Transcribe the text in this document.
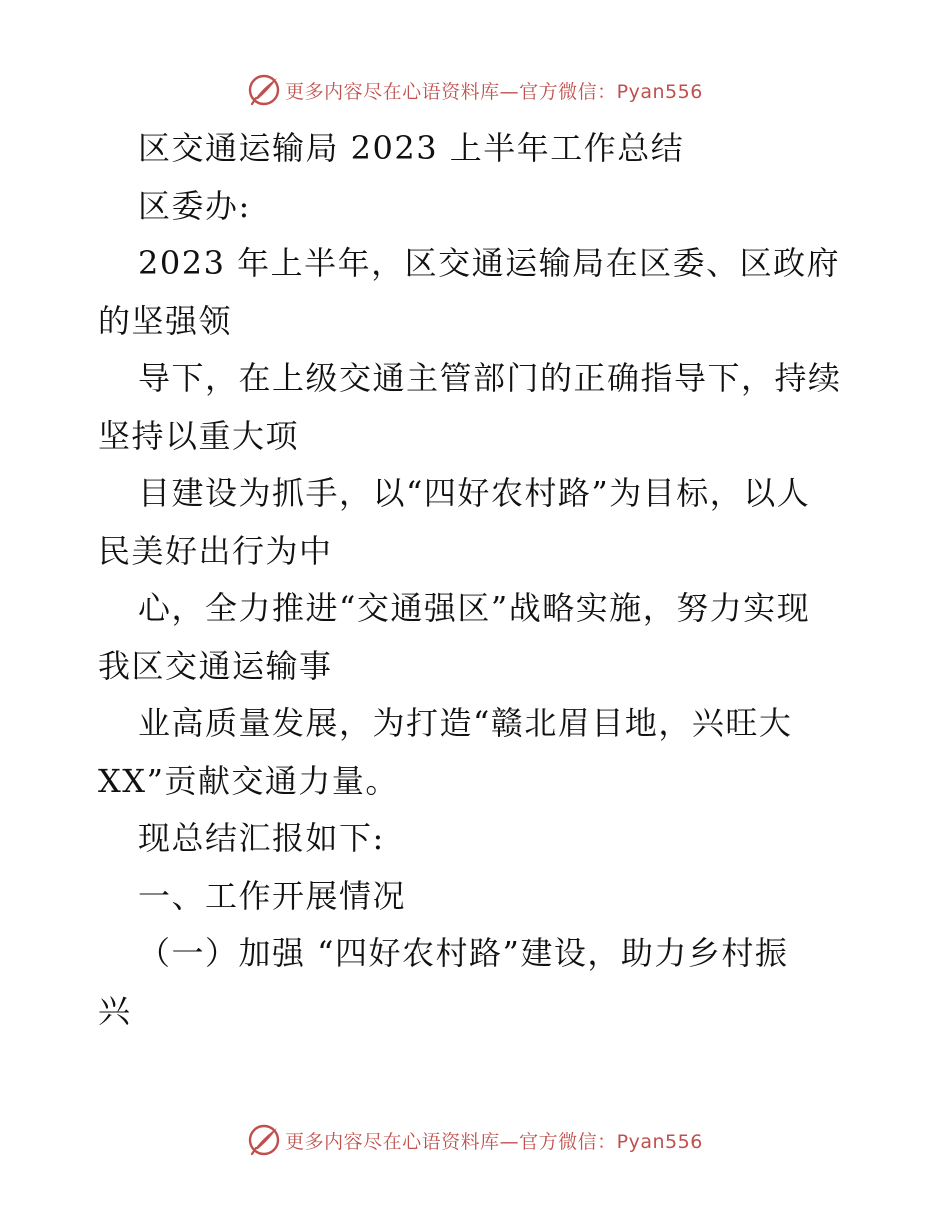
更多内容尽在心语资料库—官方微信：Pyan556
区交通运输局 2023 上半年工作总结
区委办:
2023 年上半年，区交通运输局在区委、区政府
的坚强领
导下，在上级交通主管部门的正确指导下，持续
坚持以重大项
目建设为抓手，以“四好农村路”为目标，以人
民美好出行为中
心，全力推进“交通强区”战略实施，努力实现
我区交通运输事
业高质量发展，为打造“赣北眉目地，兴旺大
XX”贡献交通力量。
现总结汇报如下:
一、工作开展情况
（一）加强 “四好农村路”建设，助力乡村振
兴
更多内容尽在心语资料库—官方微信：Pyan556
